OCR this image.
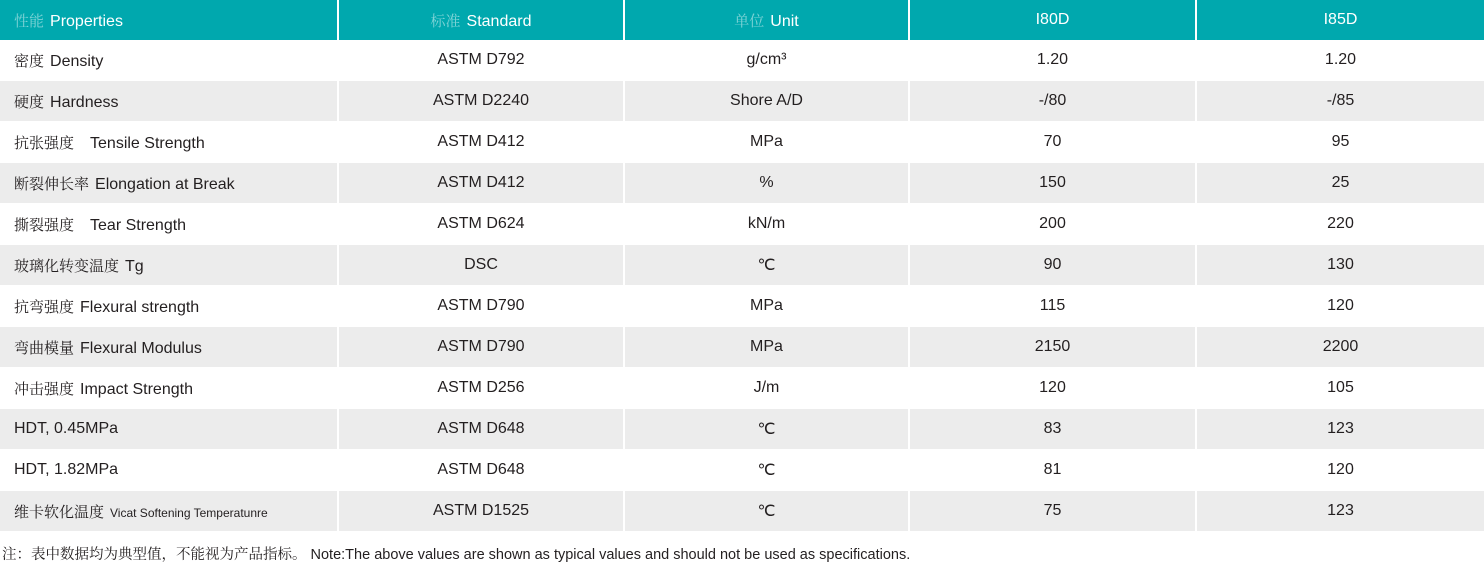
性能 Properties	标准 Standard	单位 Unit	I80D	I85D
密度 Density	ASTM D792	g/cm³	1.20	1.20
硬度 Hardness	ASTM D2240	Shore A/D	-/80	-/85
抗张强度 Tensile Strength	ASTM D412	MPa	70	95
断裂伸长率 Elongation at Break	ASTM D412	%	150	25
撕裂强度 Tear Strength	ASTM D624	kN/m	200	220
玻璃化转变温度 Tg	DSC	℃	90	130
抗弯强度 Flexural strength	ASTM D790	MPa	115	120
弯曲模量 Flexural Modulus	ASTM D790	MPa	2150	2200
冲击强度 Impact Strength	ASTM D256	J/m	120	105
HDT, 0.45MPa	ASTM D648	℃	83	123
HDT, 1.82MPa	ASTM D648	℃	81	120
维卡软化温度 Vicat Softening Temperatunre	ASTM D1525	℃	75	123
注：表中数据均为典型值，不能视为产品指标。 Note:The above values are shown as typical values and should not be used as specifications.
